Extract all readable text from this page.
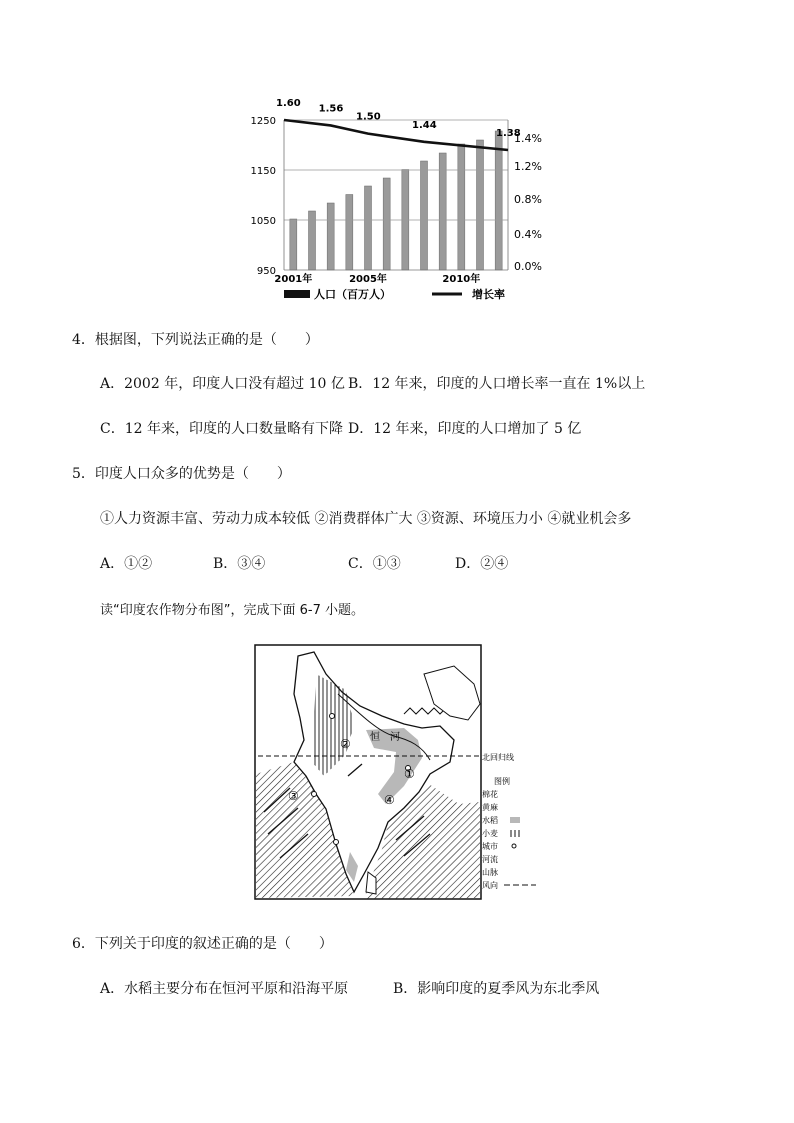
1250
1150
1050
950
1.4%
1.2%
0.8%
0.4%
0.0%
2001年	2005年	2010年
1.60 1.56
1.50
1.44
1.38
人口（百万人）	增长率
4．根据图，下列说法正确的是（　　）
A．2002 年，印度人口没有超过 10 亿 B．12 年来，印度的人口增长率一直在 1%以上
C．12 年来，印度的人口数量略有下降 D．12 年来，印度的人口增加了 5 亿
5．印度人口众多的优势是（　　）
①人力资源丰富、劳动力成本较低 ②消费群体广大 ③资源、环境压力小 ④就业机会多
A．①②	B．③④	C．①③	D．②④
读“印度农作物分布图”，完成下面 6-7 小题。
北回归线
恒　河
①
②
③	④
图例
棉花
黄麻
水稻
小麦
城市
河流
山脉
风向
6．下列关于印度的叙述正确的是（　　）
A．水稻主要分布在恒河平原和沿海平原	B．影响印度的夏季风为东北季风
